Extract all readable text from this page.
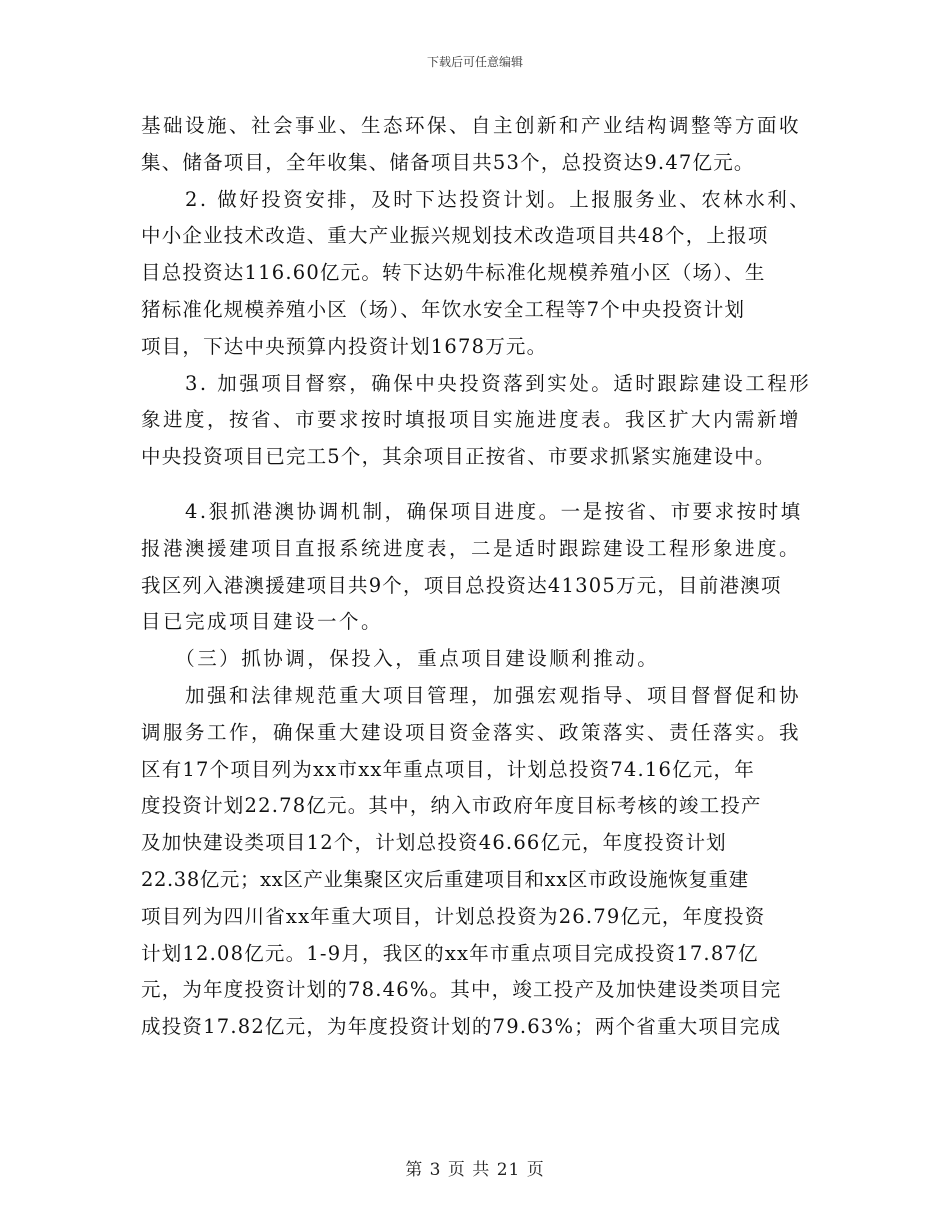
下载后可任意编辑
基础设施、社会事业、生态环保、自主创新和产业结构调整等方面收
集、储备项目，全年收集、储备项目共53个，总投资达9.47亿元。
　　2. 做好投资安排，及时下达投资计划。上报服务业、农林水利、
中小企业技术改造、重大产业振兴规划技术改造项目共48个，上报项
目总投资达116.60亿元。转下达奶牛标准化规模养殖小区（场）、生
猪标准化规模养殖小区（场）、年饮水安全工程等7个中央投资计划
项目，下达中央预算内投资计划1678万元。
　　3. 加强项目督察，确保中央投资落到实处。适时跟踪建设工程形
象进度，按省、市要求按时填报项目实施进度表。我区扩大内需新增
中央投资项目已完工5个，其余项目正按省、市要求抓紧实施建设中。
　　4.狠抓港澳协调机制，确保项目进度。一是按省、市要求按时填
报港澳援建项目直报系统进度表，二是适时跟踪建设工程形象进度。
我区列入港澳援建项目共9个，项目总投资达41305万元，目前港澳项
目已完成项目建设一个。
　　（三）抓协调，保投入，重点项目建设顺利推动。
　　加强和法律规范重大项目管理，加强宏观指导、项目督督促和协
调服务工作，确保重大建设项目资金落实、政策落实、责任落实。我
区有17个项目列为xx市xx年重点项目，计划总投资74.16亿元，年
度投资计划22.78亿元。其中，纳入市政府年度目标考核的竣工投产
及加快建设类项目12个，计划总投资46.66亿元，年度投资计划
22.38亿元；xx区产业集聚区灾后重建项目和xx区市政设施恢复重建
项目列为四川省xx年重大项目，计划总投资为26.79亿元，年度投资
计划12.08亿元。1-9月，我区的xx年市重点项目完成投资17.87亿
元，为年度投资计划的78.46%。其中，竣工投产及加快建设类项目完
成投资17.82亿元，为年度投资计划的79.63%；两个省重大项目完成
第 3 页 共 21 页
